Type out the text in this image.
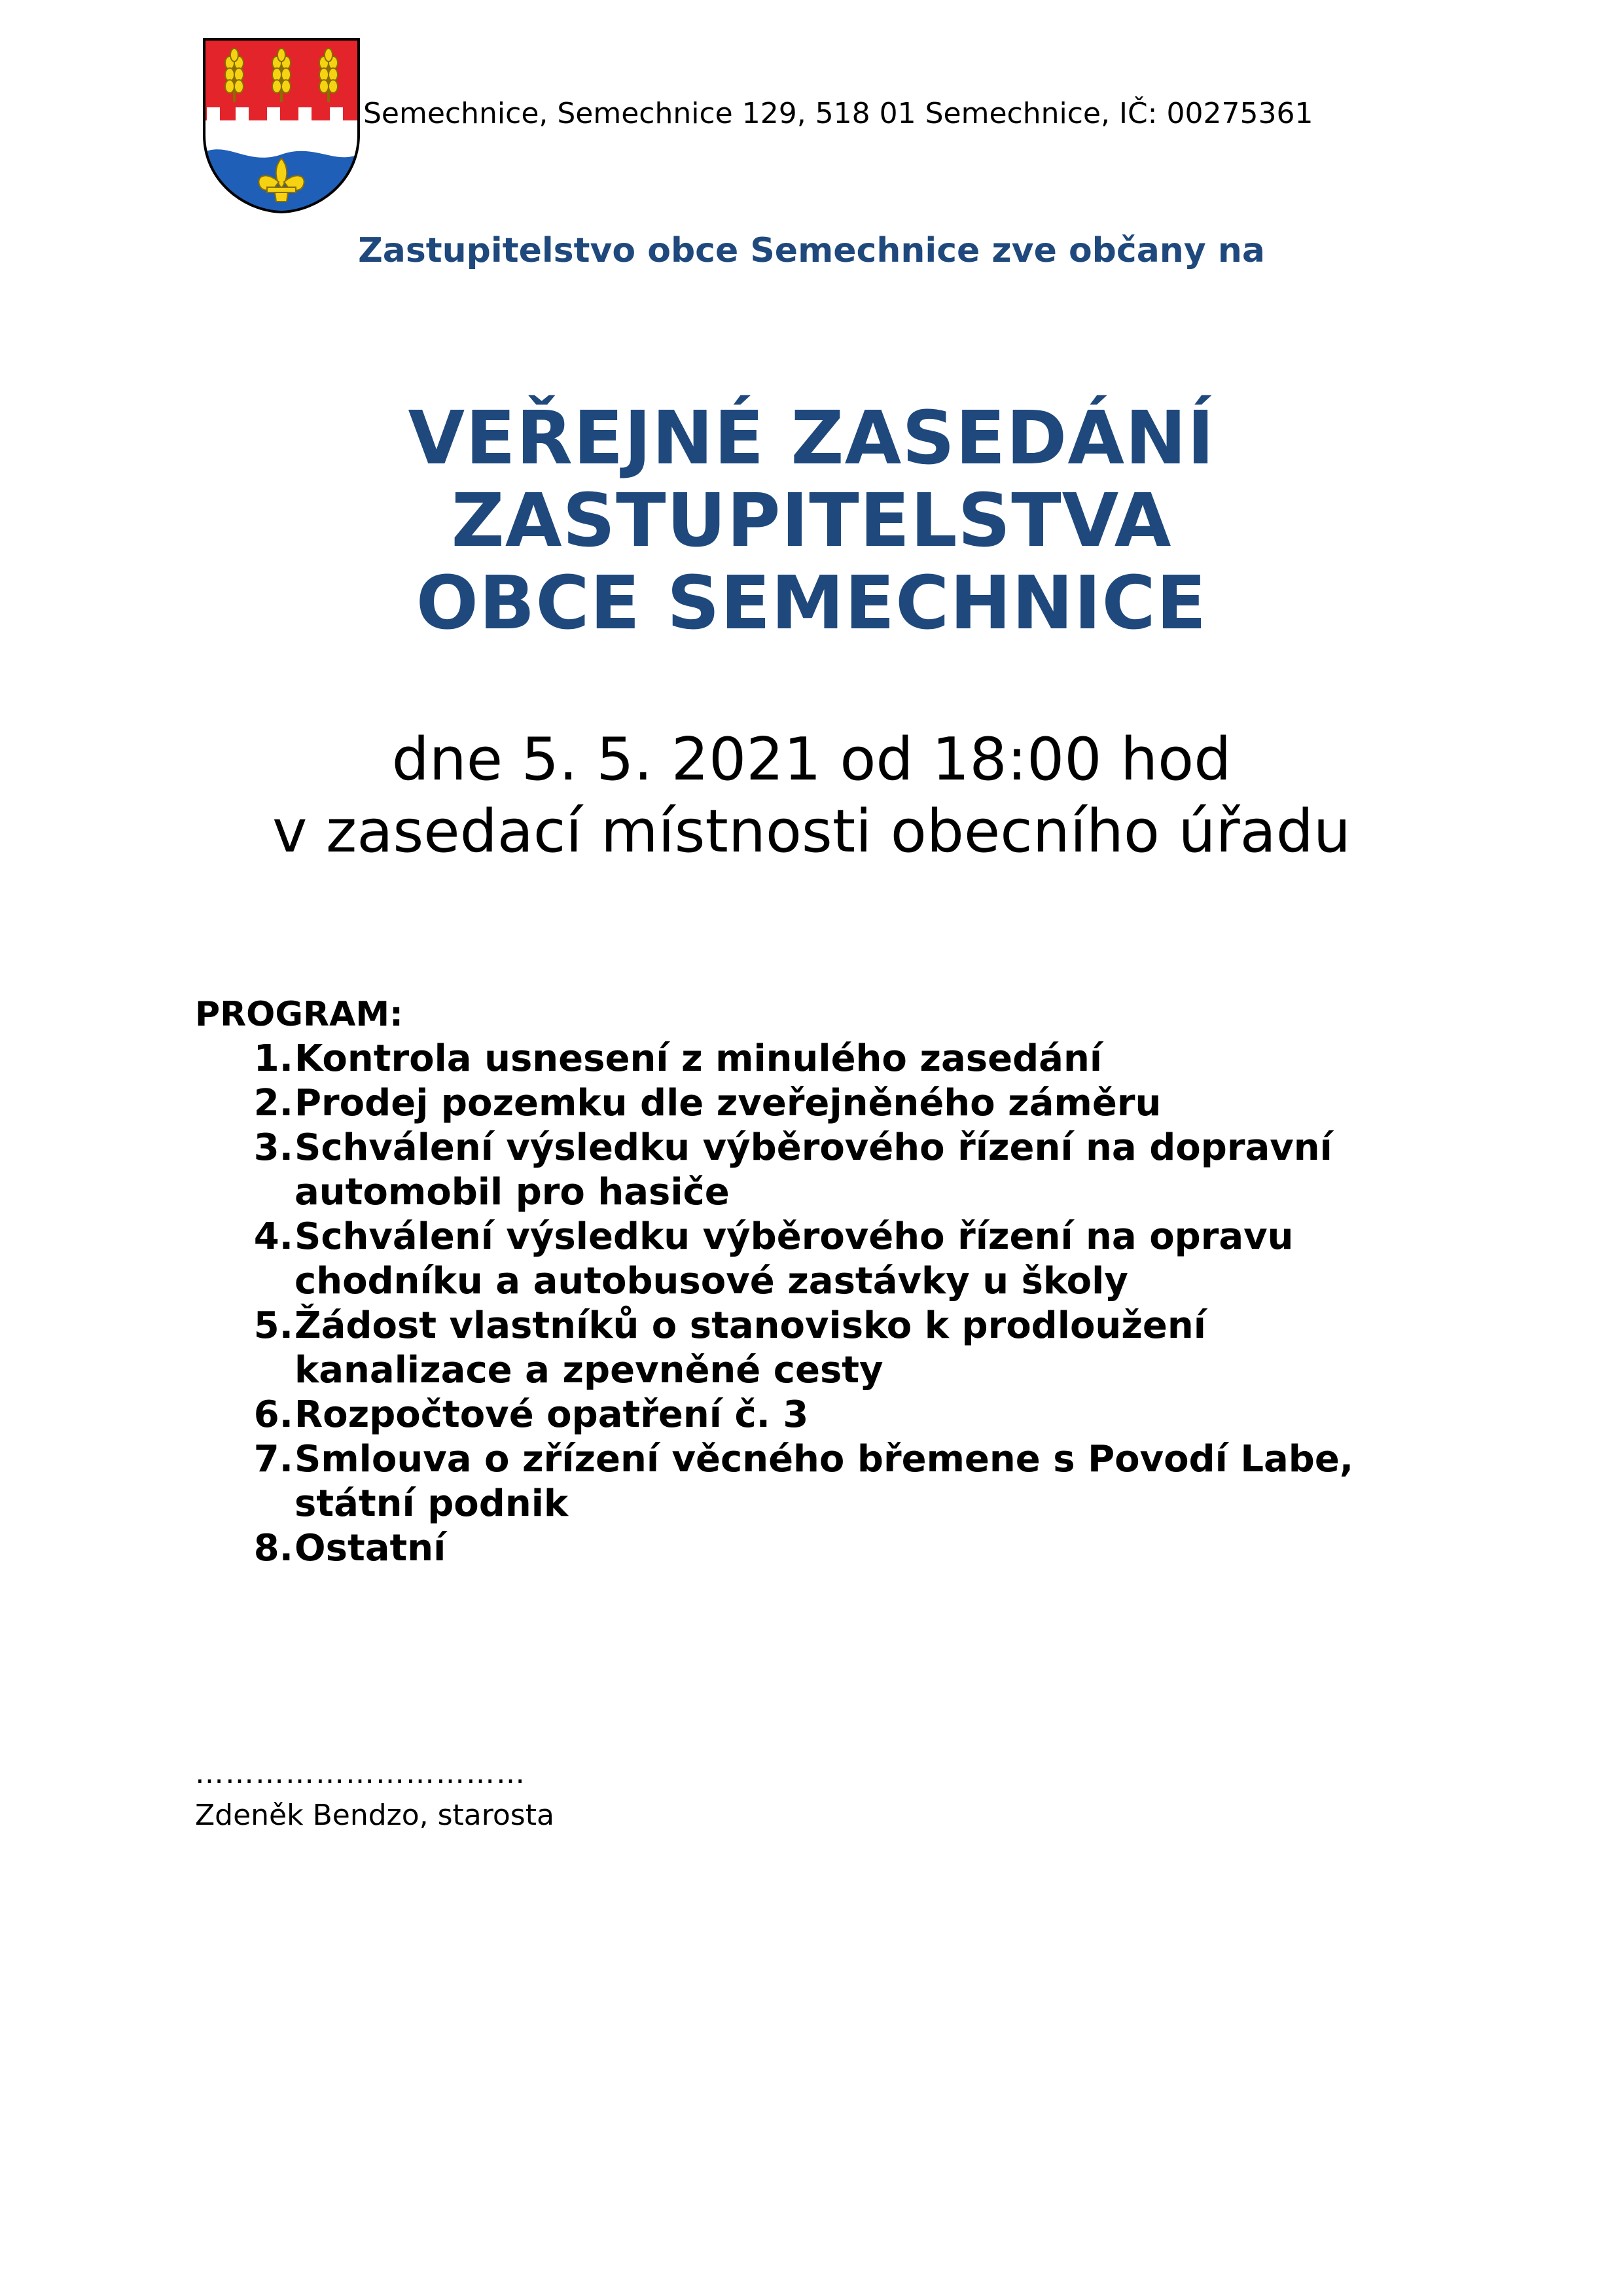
Semechnice, Semechnice 129, 518 01 Semechnice, IČ: 00275361
Zastupitelstvo obce Semechnice zve občany na
VEŘEJNÉ ZASEDÁNÍ
ZASTUPITELSTVA
OBCE SEMECHNICE
dne 5. 5. 2021 od 18:00 hod
v zasedací místnosti obecního úřadu
PROGRAM:
1. Kontrola usnesení z minulého zasedání
2. Prodej pozemku dle zveřejněného záměru
3. Schválení výsledku výběrového řízení na dopravní
automobil pro hasiče
4. Schválení výsledku výběrového řízení na opravu
chodníku a autobusové zastávky u školy
5. Žádost vlastníků o stanovisko k prodloužení
kanalizace a zpevněné cesty
6. Rozpočtové opatření č. 3
7. Smlouva o zřízení věcného břemene s Povodí Labe,
státní podnik
8. Ostatní
……………………………
Zdeněk Bendzo, starosta
